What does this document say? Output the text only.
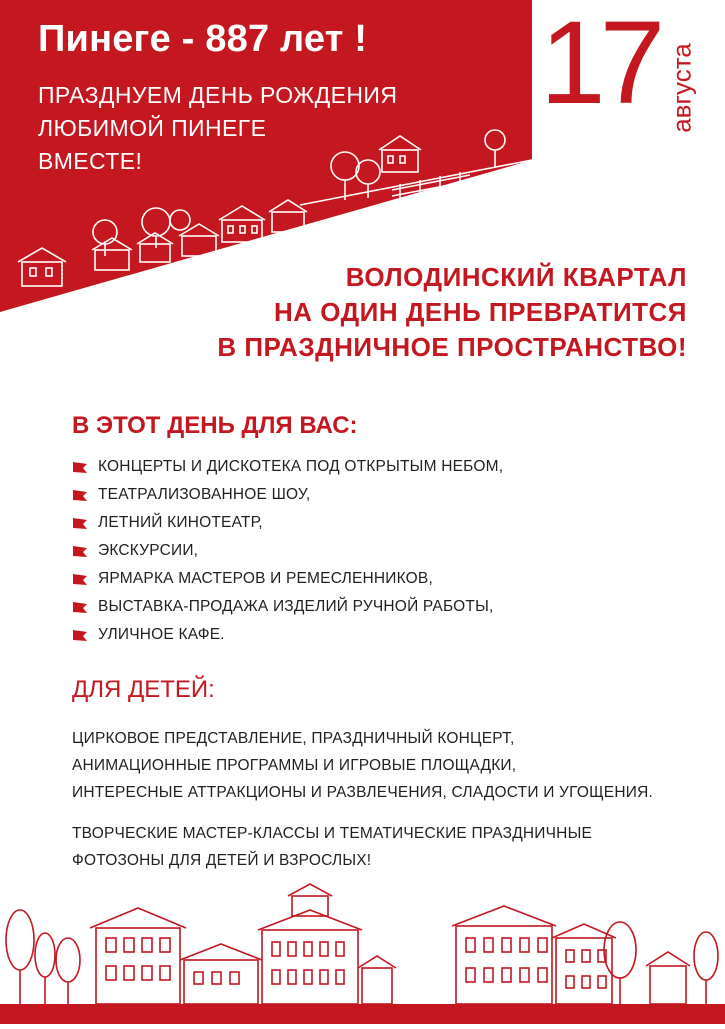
Пинеге - 887 лет !
ПРАЗДНУЕМ ДЕНЬ РОЖДЕНИЯ
ЛЮБИМОЙ ПИНЕГЕ
ВМЕСТЕ!
17 августа
ВОЛОДИНСКИЙ КВАРТАЛ
НА ОДИН ДЕНЬ ПРЕВРАТИТСЯ
В ПРАЗДНИЧНОЕ ПРОСТРАНСТВО!
В ЭТОТ ДЕНЬ ДЛЯ ВАС:
КОНЦЕРТЫ И ДИСКОТЕКА ПОД ОТКРЫТЫМ НЕБОМ,
ТЕАТРАЛИЗОВАННОЕ ШОУ,
ЛЕТНИЙ КИНОТЕАТР,
ЭКСКУРСИИ,
ЯРМАРКА МАСТЕРОВ И РЕМЕСЛЕННИКОВ,
ВЫСТАВКА-ПРОДАЖА ИЗДЕЛИЙ РУЧНОЙ РАБОТЫ,
УЛИЧНОЕ КАФЕ.
ДЛЯ ДЕТЕЙ:
ЦИРКОВОЕ ПРЕДСТАВЛЕНИЕ, ПРАЗДНИЧНЫЙ КОНЦЕРТ,
АНИМАЦИОННЫЕ ПРОГРАММЫ И ИГРОВЫЕ ПЛОЩАДКИ,
ИНТЕРЕСНЫЕ АТТРАКЦИОНЫ И РАЗВЛЕЧЕНИЯ, СЛАДОСТИ И УГОЩЕНИЯ.
ТВОРЧЕСКИЕ МАСТЕР-КЛАССЫ И ТЕМАТИЧЕСКИЕ ПРАЗДНИЧНЫЕ
ФОТОЗОНЫ ДЛЯ ДЕТЕЙ И ВЗРОСЛЫХ!
